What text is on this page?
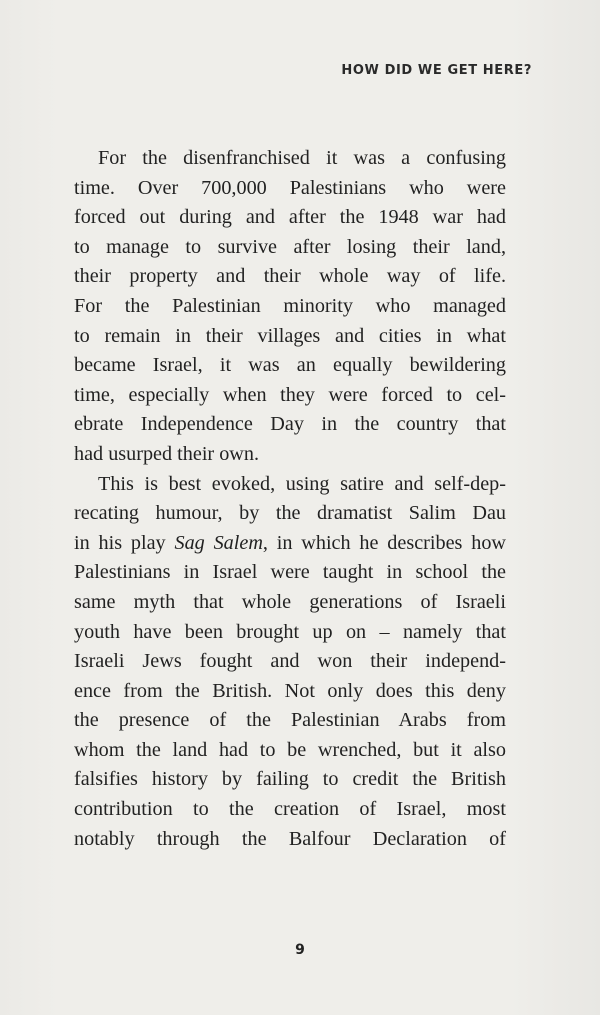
HOW DID WE GET HERE?
For the disenfranchised it was a confusing
time. Over 700,000 Palestinians who were
forced out during and after the 1948 war had
to manage to survive after losing their land,
their property and their whole way of life.
For the Palestinian minority who managed
to remain in their villages and cities in what
became Israel, it was an equally bewildering
time, especially when they were forced to cel-
ebrate Independence Day in the country that
had usurped their own.
This is best evoked, using satire and self-dep-
recating humour, by the dramatist Salim Dau
in his play Sag Salem, in which he describes how
Palestinians in Israel were taught in school the
same myth that whole generations of Israeli
youth have been brought up on – namely that
Israeli Jews fought and won their independ-
ence from the British. Not only does this deny
the presence of the Palestinian Arabs from
whom the land had to be wrenched, but it also
falsifies history by failing to credit the British
contribution to the creation of Israel, most
notably through the Balfour Declaration of
9
